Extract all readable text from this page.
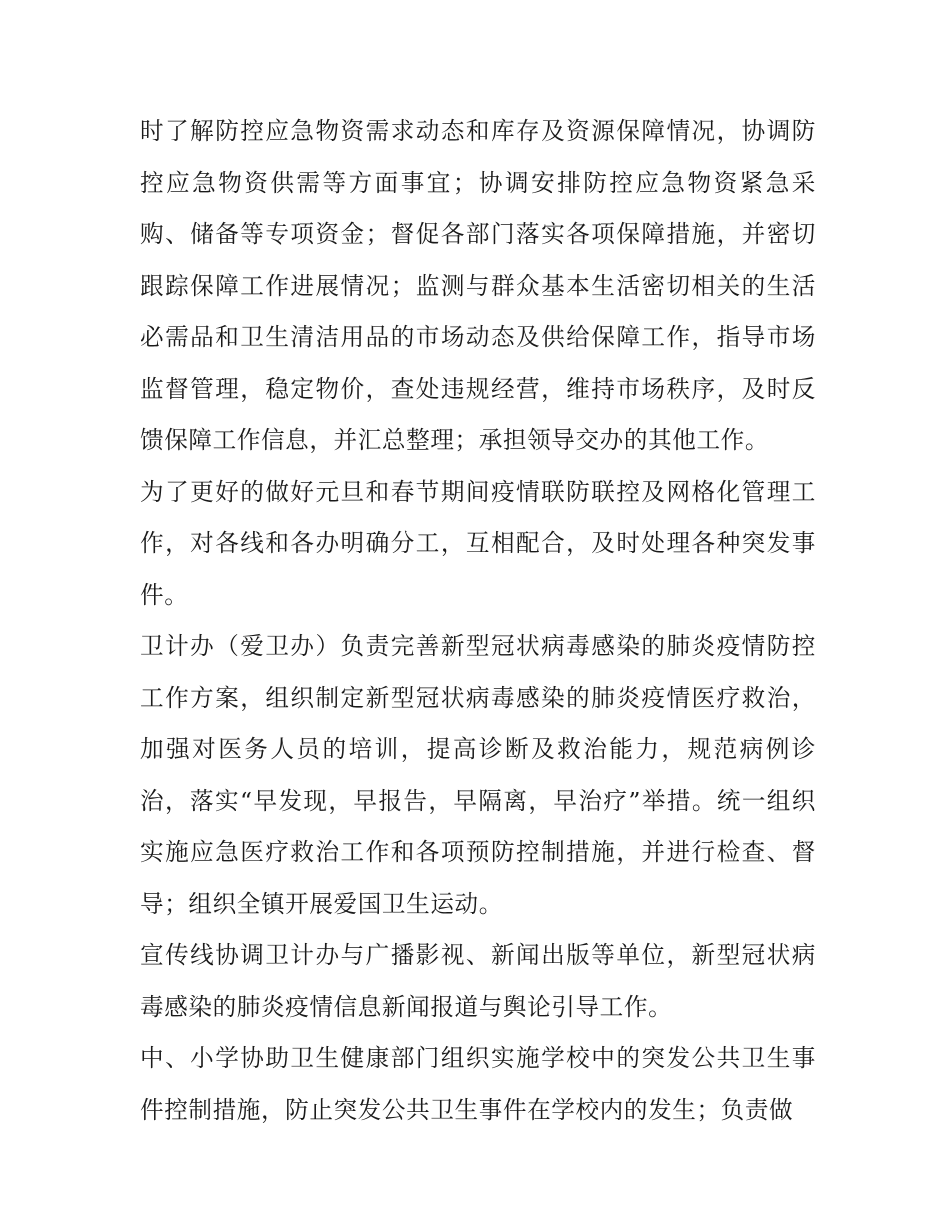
时了解防控应急物资需求动态和库存及资源保障情况，协调防控应急物资供需等方面事宜；协调安排防控应急物资紧急采购、储备等专项资金；督促各部门落实各项保障措施，并密切跟踪保障工作进展情况；监测与群众基本生活密切相关的生活必需品和卫生清洁用品的市场动态及供给保障工作，指导市场监督管理，稳定物价，查处违规经营，维持市场秩序，及时反馈保障工作信息，并汇总整理；承担领导交办的其他工作。

为了更好的做好元旦和春节期间疫情联防联控及网格化管理工作，对各线和各办明确分工，互相配合，及时处理各种突发事件。

卫计办（爱卫办）负责完善新型冠状病毒感染的肺炎疫情防控工作方案，组织制定新型冠状病毒感染的肺炎疫情医疗救治，加强对医务人员的培训，提高诊断及救治能力，规范病例诊治，落实“早发现，早报告，早隔离，早治疗”举措。统一组织实施应急医疗救治工作和各项预防控制措施，并进行检查、督导；组织全镇开展爱国卫生运动。

宣传线协调卫计办与广播影视、新闻出版等单位，新型冠状病毒感染的肺炎疫情信息新闻报道与舆论引导工作。

中、小学协助卫生健康部门组织实施学校中的突发公共卫生事件控制措施，防止突发公共卫生事件在学校内的发生；负责做
